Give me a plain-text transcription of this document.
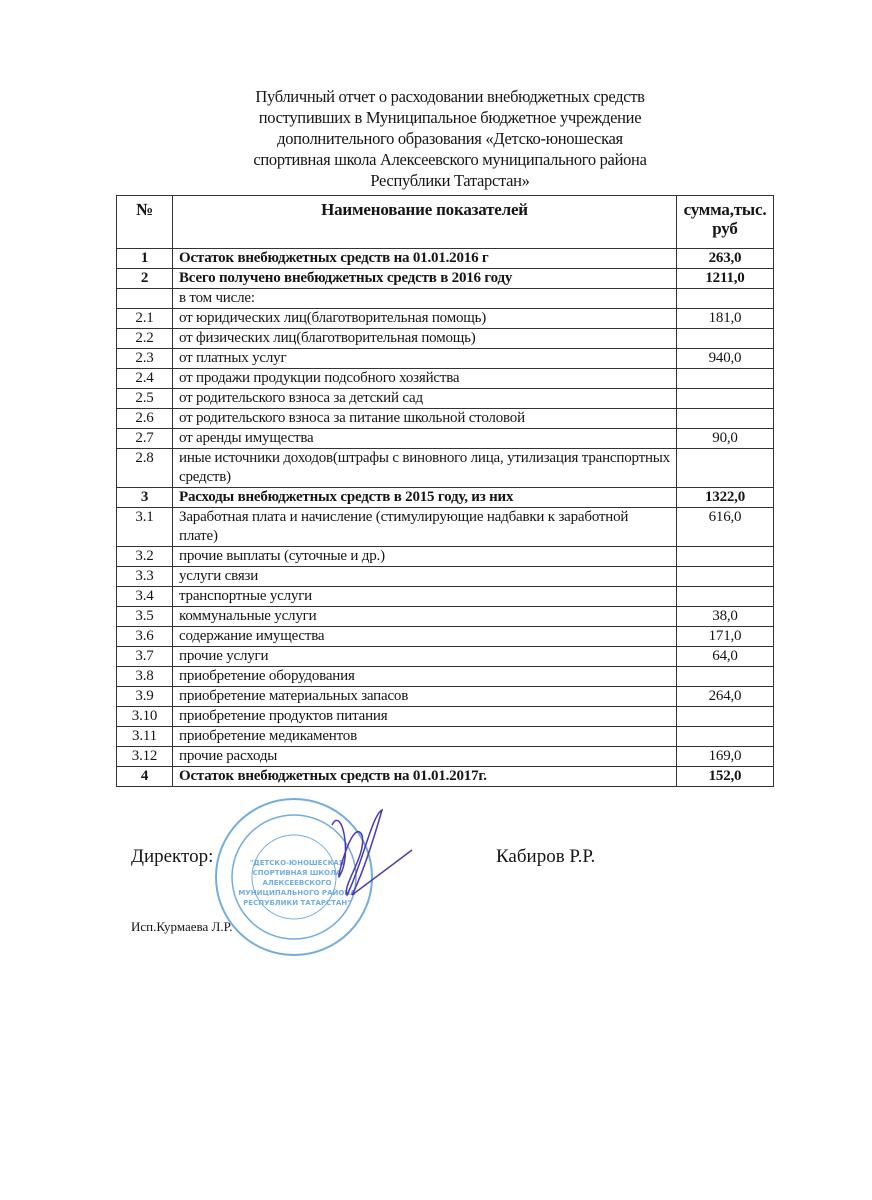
Публичный отчет о расходовании внебюджетных средств
поступивших в Муниципальное бюджетное учреждение
дополнительного образования «Детско-юношеская
спортивная школа Алексеевского муниципального района
Республики Татарстан»
№	Наименование показателей	сумма,тыс. руб
1	Остаток внебюджетных средств на 01.01.2016 г	263,0
2	Всего получено внебюджетных средств в 2016 году	1211,0
	в том числе:	
2.1	от юридических лиц(благотворительная помощь)	181,0
2.2	от физических лиц(благотворительная помощь)	
2.3	от платных услуг	940,0
2.4	от продажи продукции подсобного хозяйства	
2.5	от родительского взноса за детский сад	
2.6	от родительского взноса за питание школьной столовой	
2.7	от аренды имущества	90,0
2.8	иные источники доходов(штрафы с виновного лица, утилизация транспортных средств)	
3	Расходы внебюджетных средств в 2015 году, из них	1322,0
3.1	Заработная плата и начисление (стимулирующие надбавки к заработной плате)	616,0
3.2	прочие выплаты (суточные и др.)	
3.3	услуги связи	
3.4	транспортные услуги	
3.5	коммунальные услуги	38,0
3.6	содержание имущества	171,0
3.7	прочие услуги	64,0
3.8	приобретение оборудования	
3.9	приобретение материальных запасов	264,0
3.10	приобретение продуктов питания	
3.11	приобретение медикаментов	
3.12	прочие расходы	169,0
4	Остаток внебюджетных средств на 01.01.2017г.	152,0
Директор:	Кабиров Р.Р.
Исп.Курмаева Л.Р.
"ДЕТСКО-ЮНОШЕСКАЯ
СПОРТИВНАЯ ШКОЛА
АЛЕКСЕЕВСКОГО
МУНИЦИПАЛЬНОГО РАЙОНА
РЕСПУБЛИКИ ТАТАРСТАН"
